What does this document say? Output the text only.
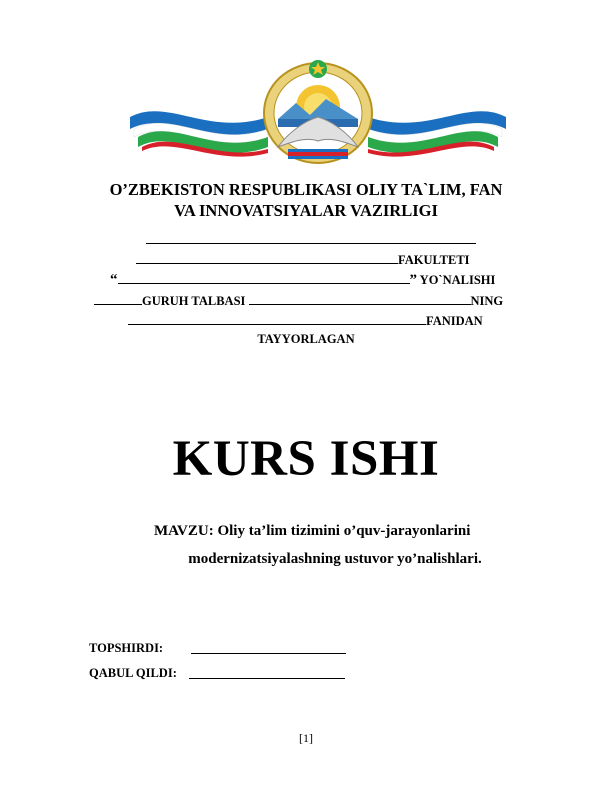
O’ZBEKISTON RESPUBLIKASI OLIY TA`LIM, FAN
VA INNOVATSIYALAR VAZIRLIGI
FAKULTETI
“	” YO`NALISHI
GURUH TALBASI	NING
FANIDAN
TAYYORLAGAN
KURS ISHI
MAVZU: Oliy ta’lim tizimini o’quv-jarayonlarini
modernizatsiyalashning ustuvor yo’nalishlari.
TOPSHIRDI:
QABUL QILDI:
[1]
